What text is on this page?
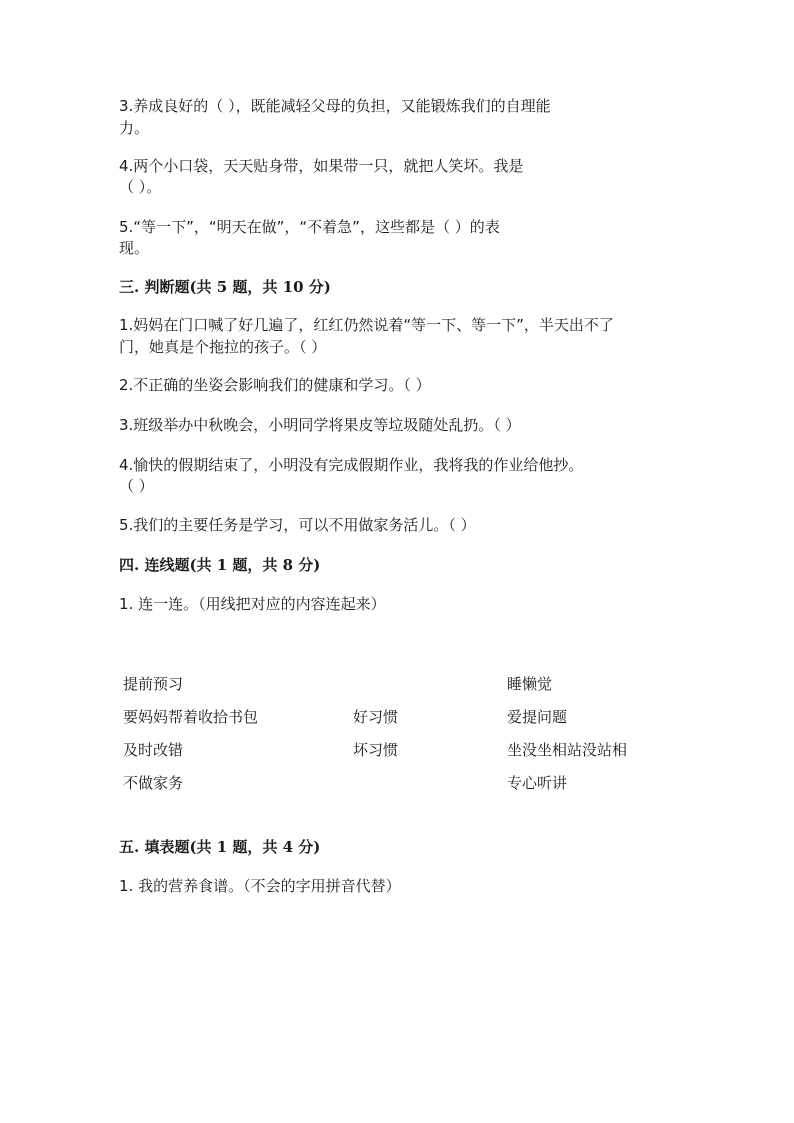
3.养成良好的（ ），既能减轻父母的负担，又能锻炼我们的自理能
力。
4.两个小口袋，天天贴身带，如果带一只，就把人笑坏。我是
（ ）。
5.“等一下”，“明天在做”，“不着急”，这些都是（ ）的表
现。
三. 判断题(共 5 题，共 10 分)
1.妈妈在门口喊了好几遍了，红红仍然说着“等一下、等一下”，半天出不了
门，她真是个拖拉的孩子。（ ）
2.不正确的坐姿会影响我们的健康和学习。（ ）
3.班级举办中秋晚会，小明同学将果皮等垃圾随处乱扔。（ ）
4.愉快的假期结束了，小明没有完成假期作业，我将我的作业给他抄。
（ ）
5.我们的主要任务是学习，可以不用做家务活儿。（ ）
四. 连线题(共 1 题，共 8 分)
1. 连一连。（用线把对应的内容连起来）
提前预习
要妈妈帮着收拾书包
及时改错
不做家务
好习惯
坏习惯
睡懒觉
爱提问题
坐没坐相站没站相
专心听讲
五. 填表题(共 1 题，共 4 分)
1. 我的营养食谱。（不会的字用拼音代替）
